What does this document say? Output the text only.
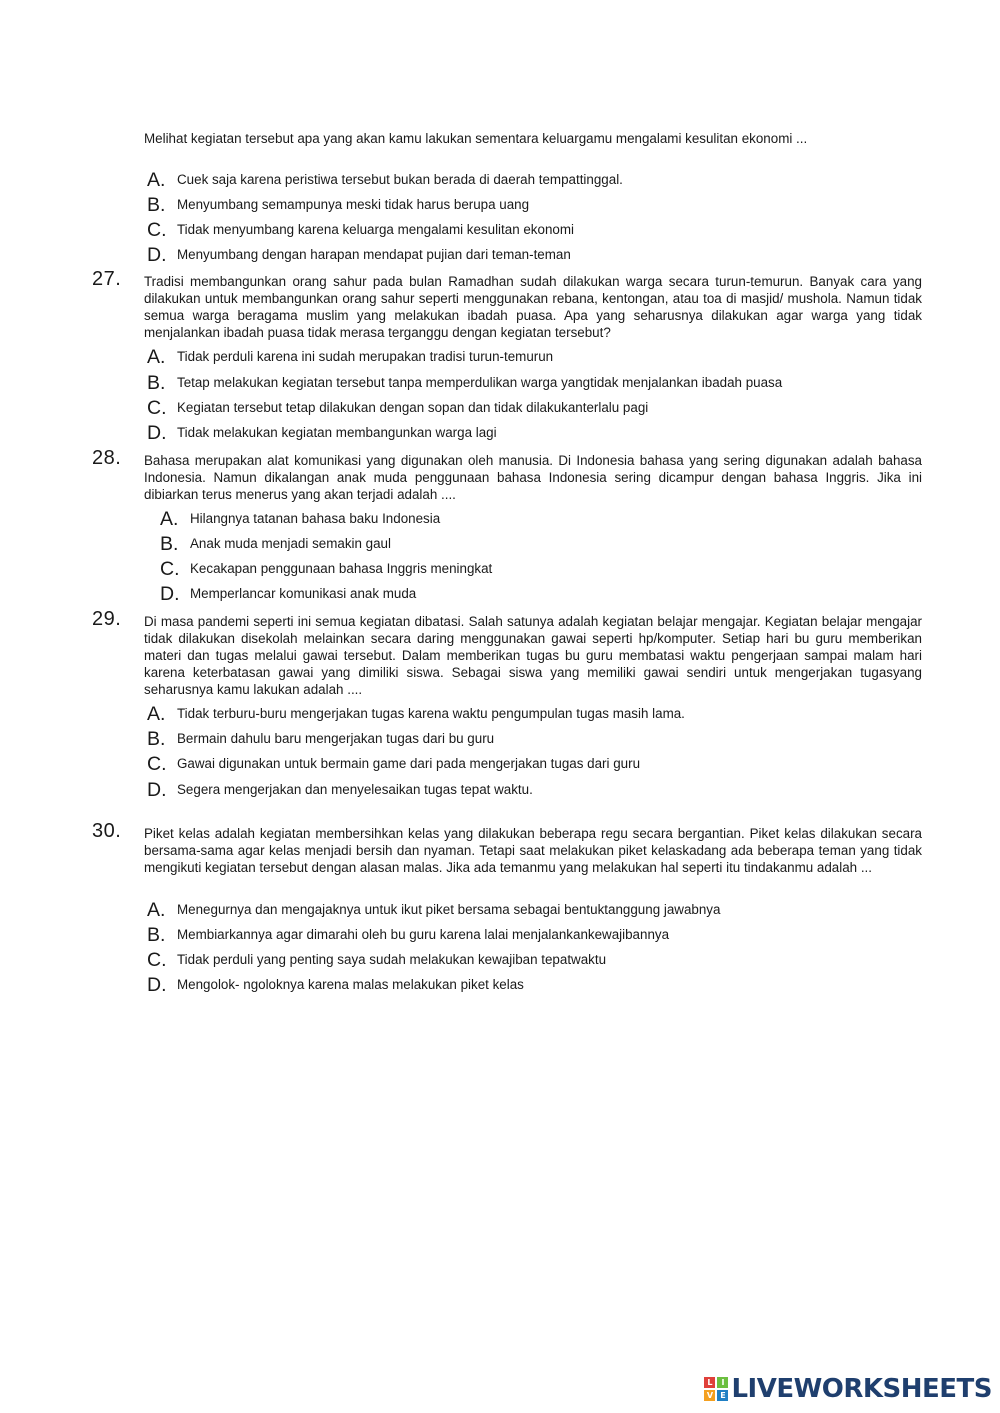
Melihat kegiatan tersebut apa yang akan kamu lakukan sementara keluargamu mengalami kesulitan ekonomi ...
A. Cuek saja karena peristiwa tersebut bukan berada di daerah tempattinggal.
B. Menyumbang semampunya meski tidak harus berupa uang
C. Tidak menyumbang karena keluarga mengalami kesulitan ekonomi
D. Menyumbang dengan harapan mendapat pujian dari teman-teman
27. Tradisi membangunkan orang sahur pada bulan Ramadhan sudah dilakukan warga secara turun-temurun. Banyak cara yang dilakukan untuk membangunkan orang sahur seperti menggunakan rebana, kentongan, atau toa di masjid/ mushola. Namun tidak semua warga beragama muslim yang melakukan ibadah puasa. Apa yang seharusnya dilakukan agar warga yang tidak menjalankan ibadah puasa tidak merasa terganggu dengan kegiatan tersebut?
A. Tidak perduli karena ini sudah merupakan tradisi turun-temurun
B. Tetap melakukan kegiatan tersebut tanpa memperdulikan warga yangtidak menjalankan ibadah puasa
C. Kegiatan tersebut tetap dilakukan dengan sopan dan tidak dilakukanterlalu pagi
D. Tidak melakukan kegiatan membangunkan warga lagi
28. Bahasa merupakan alat komunikasi yang digunakan oleh manusia. Di Indonesia bahasa yang sering digunakan adalah bahasa Indonesia. Namun dikalangan anak muda penggunaan bahasa Indonesia sering dicampur dengan bahasa Inggris. Jika ini dibiarkan terus menerus yang akan terjadi adalah ....
A. Hilangnya tatanan bahasa baku Indonesia
B. Anak muda menjadi semakin gaul
C. Kecakapan penggunaan bahasa Inggris meningkat
D. Memperlancar komunikasi anak muda
29. Di masa pandemi seperti ini semua kegiatan dibatasi. Salah satunya adalah kegiatan belajar mengajar. Kegiatan belajar mengajar tidak dilakukan disekolah melainkan secara daring menggunakan gawai seperti hp/komputer. Setiap hari bu guru memberikan materi dan tugas melalui gawai tersebut. Dalam memberikan tugas bu guru membatasi waktu pengerjaan sampai malam hari karena keterbatasan gawai yang dimiliki siswa. Sebagai siswa yang memiliki gawai sendiri untuk mengerjakan tugasyang seharusnya kamu lakukan adalah ....
A. Tidak terburu-buru mengerjakan tugas karena waktu pengumpulan tugas masih lama.
B. Bermain dahulu baru mengerjakan tugas dari bu guru
C. Gawai digunakan untuk bermain game dari pada mengerjakan tugas dari guru
D. Segera mengerjakan dan menyelesaikan tugas tepat waktu.
30. Piket kelas adalah kegiatan membersihkan kelas yang dilakukan beberapa regu secara bergantian. Piket kelas dilakukan secara bersama-sama agar kelas menjadi bersih dan nyaman. Tetapi saat melakukan piket kelaskadang ada beberapa teman yang tidak mengikuti kegiatan tersebut dengan alasan malas. Jika ada temanmu yang melakukan hal seperti itu tindakanmu adalah ...
A. Menegurnya dan mengajaknya untuk ikut piket bersama sebagai bentuktanggung jawabnya
B. Membiarkannya agar dimarahi oleh bu guru karena lalai menjalankankewajibannya
C. Tidak perduli yang penting saya sudah melakukan kewajiban tepatwaktu
D. Mengolok- ngoloknya karena malas melakukan piket kelas
L	I
V E LIVEWORKSHEETS
